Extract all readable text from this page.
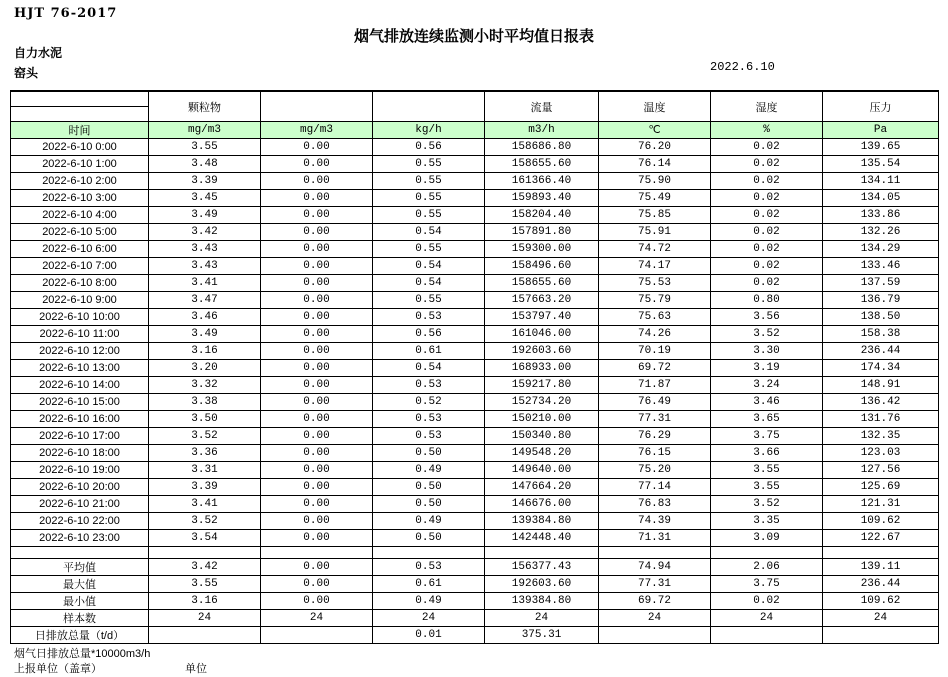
HJT 76-2017
烟气排放连续监测小时平均值日报表
自力水泥
窑头	2022.6.10
	颗粒物			流量	温度	湿度	压力

时间	mg/m3	mg/m3	kg/h	m3/h	℃	%	Pa
2022-6-10 0:00	3.55	0.00	0.56	158686.80	76.20	0.02	139.65
2022-6-10 1:00	3.48	0.00	0.55	158655.60	76.14	0.02	135.54
2022-6-10 2:00	3.39	0.00	0.55	161366.40	75.90	0.02	134.11
2022-6-10 3:00	3.45	0.00	0.55	159893.40	75.49	0.02	134.05
2022-6-10 4:00	3.49	0.00	0.55	158204.40	75.85	0.02	133.86
2022-6-10 5:00	3.42	0.00	0.54	157891.80	75.91	0.02	132.26
2022-6-10 6:00	3.43	0.00	0.55	159300.00	74.72	0.02	134.29
2022-6-10 7:00	3.43	0.00	0.54	158496.60	74.17	0.02	133.46
2022-6-10 8:00	3.41	0.00	0.54	158655.60	75.53	0.02	137.59
2022-6-10 9:00	3.47	0.00	0.55	157663.20	75.79	0.80	136.79
2022-6-10 10:00	3.46	0.00	0.53	153797.40	75.63	3.56	138.50
2022-6-10 11:00	3.49	0.00	0.56	161046.00	74.26	3.52	158.38
2022-6-10 12:00	3.16	0.00	0.61	192603.60	70.19	3.30	236.44
2022-6-10 13:00	3.20	0.00	0.54	168933.00	69.72	3.19	174.34
2022-6-10 14:00	3.32	0.00	0.53	159217.80	71.87	3.24	148.91
2022-6-10 15:00	3.38	0.00	0.52	152734.20	76.49	3.46	136.42
2022-6-10 16:00	3.50	0.00	0.53	150210.00	77.31	3.65	131.76
2022-6-10 17:00	3.52	0.00	0.53	150340.80	76.29	3.75	132.35
2022-6-10 18:00	3.36	0.00	0.50	149548.20	76.15	3.66	123.03
2022-6-10 19:00	3.31	0.00	0.49	149640.00	75.20	3.55	127.56
2022-6-10 20:00	3.39	0.00	0.50	147664.20	77.14	3.55	125.69
2022-6-10 21:00	3.41	0.00	0.50	146676.00	76.83	3.52	121.31
2022-6-10 22:00	3.52	0.00	0.49	139384.80	74.39	3.35	109.62
2022-6-10 23:00	3.54	0.00	0.50	142448.40	71.31	3.09	122.67

平均值	3.42	0.00	0.53	156377.43	74.94	2.06	139.11
最大值	3.55	0.00	0.61	192603.60	77.31	3.75	236.44
最小值	3.16	0.00	0.49	139384.80	69.72	0.02	109.62
样本数	24	24	24	24	24	24	24
日排放总量（t/d）			0.01	375.31			
烟气日排放总量*10000m3/h
上报单位（盖章）	单位
